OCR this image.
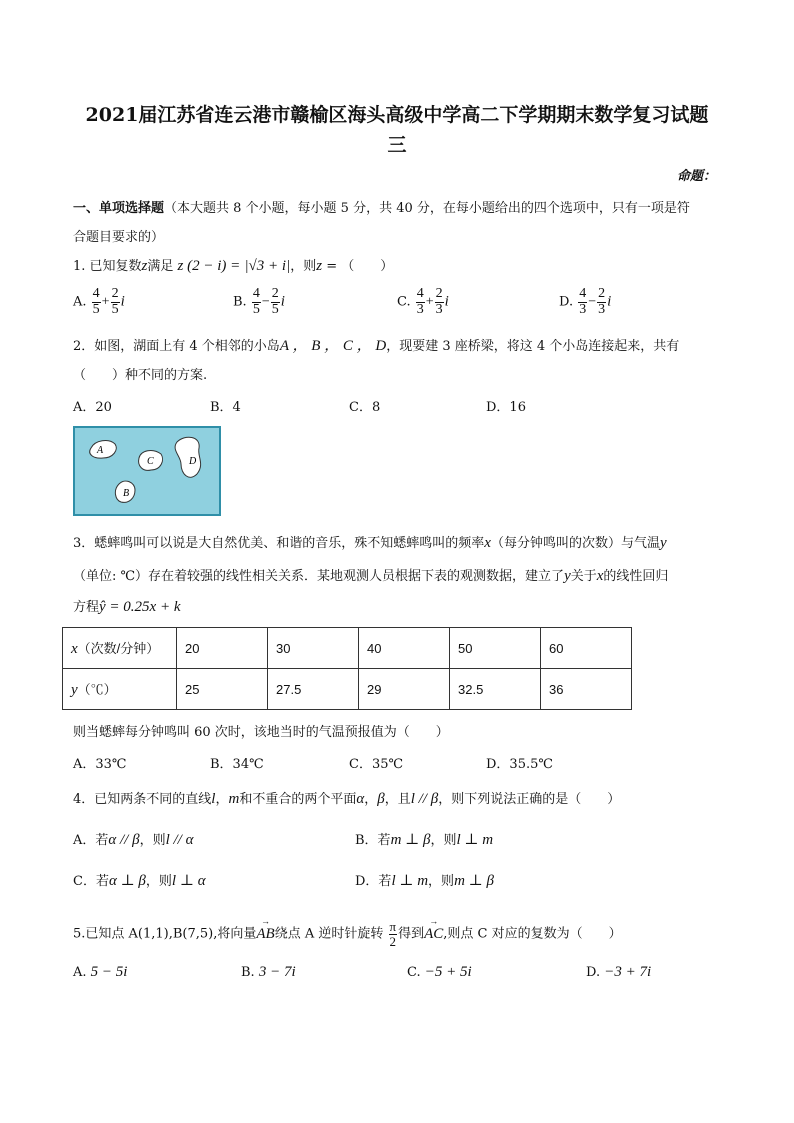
2021届江苏省连云港市赣榆区海头高级中学高二下学期期末数学复习试题
三
命题：
一、单项选择题（本大题共 8 个小题，每小题 5 分，共 40 分，在每小题给出的四个选项中，只有一项是符
合题目要求的）
1. 已知复数z满足 z (2 − i) = |√3 + i|，则z = （　　）
A. $\frac{4}{5} + \frac{2}{5}$ i	B. $\frac{4}{5} - \frac{2}{5}$ i	C. $\frac{4}{3} + \frac{2}{3}$ i	D. $\frac{4}{3} - \frac{2}{3}$ i
2．如图，湖面上有 4 个相邻的小岛A ， B ， C ， D，现要建 3 座桥梁，将这 4 个小岛连接起来，共有
（　　）种不同的方案.
A．20	B．4	C．8	D．16
A
C	D
B
3．蟋蟀鸣叫可以说是大自然优美、和谐的音乐，殊不知蟋蟀鸣叫的频率x（每分钟鸣叫的次数）与气温y
（单位: ℃）存在着较强的线性相关关系．某地观测人员根据下表的观测数据，建立了y关于x的线性回归
方程ŷ = 0.25x + k
x（次数/分钟）	20	30	40	50	60
y（℃）	25	27.5	29	32.5	36
则当蟋蟀每分钟鸣叫 60 次时，该地当时的气温预报值为（　　）
A．33℃	B．34℃	C．35℃	D．35.5℃
4．已知两条不同的直线l，m和不重合的两个平面α，β，且l // β，则下列说法正确的是（　　）
A．若α // β，则l // α	B．若m ⊥ β，则l ⊥ m
C．若α ⊥ β，则l ⊥ α	D．若l ⊥ m，则m ⊥ β
5.已知点 A(1,1),B(7,5),将向量→ AB绕点 A 逆时针旋转 $\frac{\pi}{2}$ 得到→ AC,则点 C 对应的复数为（　　）
A. 5 − 5i	B. 3 − 7i	C. −5 + 5i	D. −3 + 7i
